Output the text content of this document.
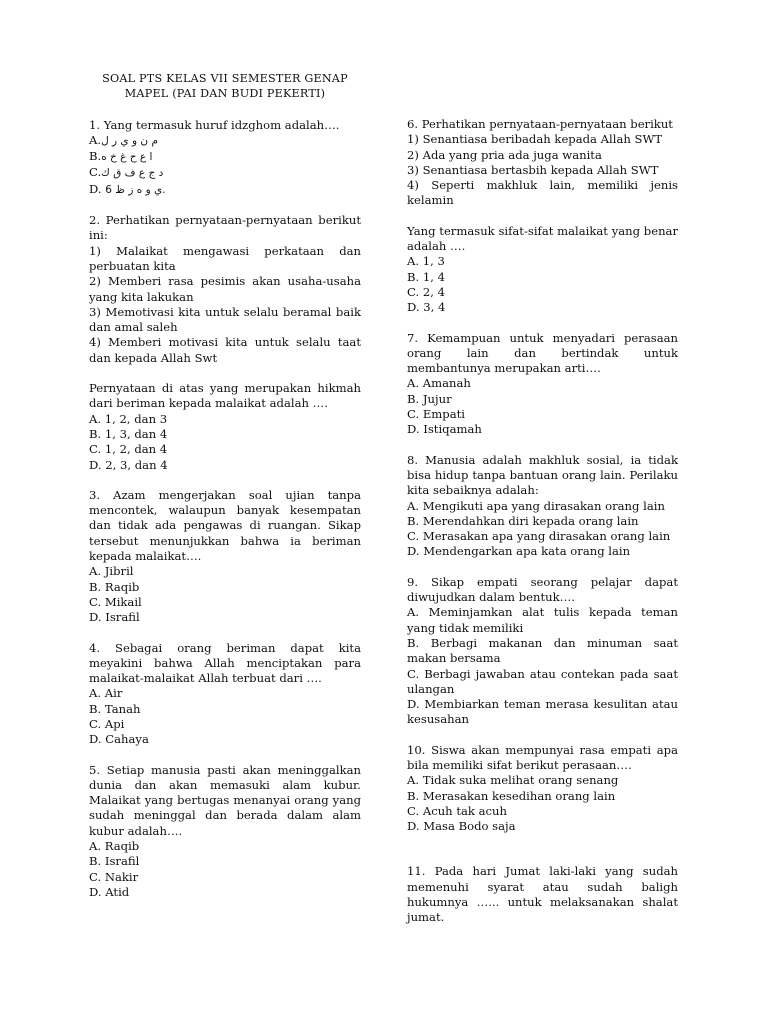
SOAL PTS KELAS VII SEMESTER GENAP
MAPEL (PAI DAN BUDI PEKERTI)
1. Yang termasuk huruf idzghom adalah….
A.م ن و ي ر ل
B.ا ع ح غ خ ه
C.د ج ع ف ق ك
D. 6 ي و ه ز ظ.
2. Perhatikan pernyataan-pernyataan berikut ini:
1) Malaikat mengawasi perkataan dan perbuatan kita
2) Memberi rasa pesimis akan usaha-usaha yang kita lakukan
3) Memotivasi kita untuk selalu beramal baik dan amal saleh
4) Memberi motivasi kita untuk selalu taat dan kepada Allah Swt
Pernyataan di atas yang merupakan hikmah dari beriman kepada malaikat adalah ….
A. 1, 2, dan 3
B. 1, 3, dan 4
C. 1, 2, dan 4
D. 2, 3, dan 4
3. Azam mengerjakan soal ujian tanpa mencontek, walaupun banyak kesempatan dan tidak ada pengawas di ruangan. Sikap tersebut menunjukkan bahwa ia beriman kepada malaikat….
A. Jibril
B. Raqib
C. Mikail
D. Israfil
4. Sebagai orang beriman dapat kita meyakini bahwa Allah menciptakan para malaikat-malaikat Allah terbuat dari ….
A. Air
B. Tanah
C. Api
D. Cahaya
5. Setiap manusia pasti akan meninggalkan dunia dan akan memasuki alam kubur. Malaikat yang bertugas menanyai orang yang sudah meninggal dan berada dalam alam kubur adalah….
A. Raqib
B. Israfil
C. Nakir
D. Atid
6. Perhatikan pernyataan-pernyataan berikut
1) Senantiasa beribadah kepada Allah SWT
2) Ada yang pria ada juga wanita
3) Senantiasa bertasbih kepada Allah SWT
4) Seperti makhluk lain, memiliki jenis kelamin
Yang termasuk sifat-sifat malaikat yang benar adalah ….
A. 1, 3
B. 1, 4
C. 2, 4
D. 3, 4
7. Kemampuan untuk menyadari perasaan orang lain dan bertindak untuk membantunya merupakan arti….
A. Amanah
B. Jujur
C. Empati
D. Istiqamah
8. Manusia adalah makhluk sosial, ia tidak bisa hidup tanpa bantuan orang lain. Perilaku kita sebaiknya adalah:
A. Mengikuti apa yang dirasakan orang lain
B. Merendahkan diri kepada orang lain
C. Merasakan apa yang dirasakan orang lain
D. Mendengarkan apa kata orang lain
9. Sikap empati seorang pelajar dapat diwujudkan dalam bentuk….
A. Meminjamkan alat tulis kepada teman yang tidak memiliki
B. Berbagi makanan dan minuman saat makan bersama
C. Berbagi jawaban atau contekan pada saat ulangan
D. Membiarkan teman merasa kesulitan atau kesusahan
10. Siswa akan mempunyai rasa empati apa bila memiliki sifat berikut perasaan….
A. Tidak suka melihat orang senang
B. Merasakan kesedihan orang lain
C. Acuh tak acuh
D. Masa Bodo saja
11. Pada hari Jumat laki-laki yang sudah memenuhi syarat atau sudah baligh hukumnya …... untuk melaksanakan shalat jumat.
